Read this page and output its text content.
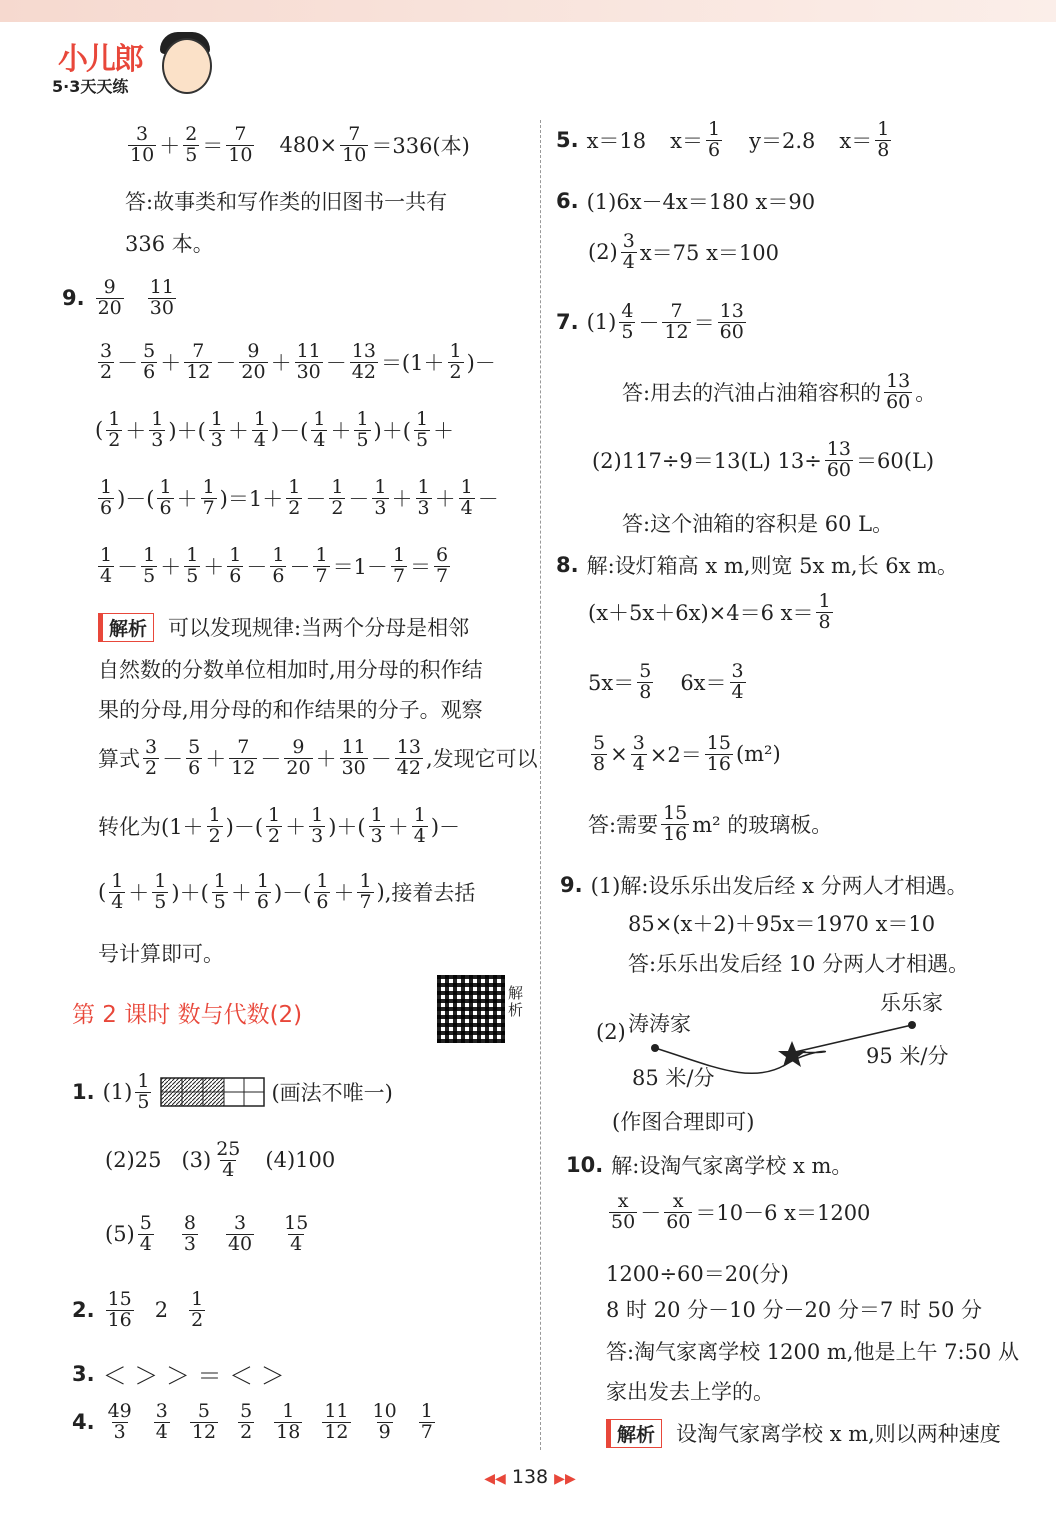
小儿郎
5·3天天练
$\frac{3}{10} + \frac{2}{5} = \frac{7}{10} 480\times \frac{7}{10} =336$(本)
答:故事类和写作类的旧图书一共有
336 本。
9. $\frac{9}{20} \frac{11}{30}$
$\frac{3}{2} - \frac{5}{6} + \frac{7}{12} - \frac{9}{20} + \frac{11}{30} - \frac{13}{42} =(1+ \frac{1}{2}$ )－
( $\frac{1}{2} + \frac{1}{3}$ )＋( $\frac{1}{3} + \frac{1}{4}$ )－( $\frac{1}{4} + \frac{1}{5}$ )＋( $\frac{1}{5}$ ＋
$\frac{1}{6}$ )－( $\frac{1}{6} + \frac{1}{7} )=1+ \frac{1}{2} - \frac{1}{2} - \frac{1}{3} + \frac{1}{3} + \frac{1}{4}$ －
$\frac{1}{4} - \frac{1}{5} + \frac{1}{5} + \frac{1}{6} - \frac{1}{6} - \frac{1}{7} =1- \frac{1}{7} = \frac{6}{7}$
解析	可以发现规律:当两个分母是相邻
自然数的分数单位相加时,用分母的积作结
果的分母,用分母的和作结果的分子。观察
算式 $\frac{3}{2} - \frac{5}{6} + \frac{7}{12} - \frac{9}{20} + \frac{11}{30} - \frac{13}{42}$ ,发现它可以
转化为 ($1+ \frac{1}{2}$ )－( $\frac{1}{2} + \frac{1}{3}$ )＋( $\frac{1}{3} + \frac{1}{4}$ )－
( $\frac{1}{4} + \frac{1}{5}$ )＋( $\frac{1}{5} + \frac{1}{6}$ )－( $\frac{1}{6} + \frac{1}{7}$ ) ,接着去括
号计算即可。
第 2 课时 数与代数(2)
解析
1. $(1) \frac{1}{5}$	(画法不唯一)
(2)25 $(3) \frac{25}{4} (4)100$
$(5) \frac{5}{4} \frac{8}{3} \frac{3}{40} \frac{15}{4}$
2. $\frac{15}{16} 2 \frac{1}{2}$
3. ＜ ＞ ＞ ＝ ＜ ＞
4. $\frac{49}{3} \frac{3}{4} \frac{5}{12} \frac{5}{2} \frac{1}{18} \frac{11}{12} \frac{10}{9} \frac{1}{7}$
5. x＝18 $x= \frac{1}{6} y=2.8$ $x= \frac{1}{8}$
6. (1)6x－4x＝180 x＝90
$(2) \frac{3}{4} x=75$ x＝100
7. $(1) \frac{4}{5} - \frac{7}{12} = \frac{13}{60}$
答:用去的汽油占油箱容积的 $\frac{13}{60}$ 。
(2)117÷9＝13(L) $13\div \frac{13}{60} =60(L)$
答:这个油箱的容积是 60 L。
8. 解:设灯箱高 x m,则宽 5x m,长 6x m。
(x＋5x＋6x)×4＝6 $x= \frac{1}{8}$
$5x= \frac{5}{8} 6x= \frac{3}{4}$
$\frac{5}{8} \times \frac{3}{4} \times 2= \frac{15}{16} (m^2)$
答:需要 $\frac{15}{16} m^2$ 的玻璃板。
9. (1)解:设乐乐出发后经 x 分两人才相遇。
85×(x＋2)＋95x＝1970 x＝10
答:乐乐出发后经 10 分两人才相遇。
(2) 涛涛家
乐乐家
85 米/分
95 米/分
(作图合理即可)
10. 解:设淘气家离学校 x m。
$\frac{x}{50} - \frac{x}{60} =10-6$ x＝1200
1200÷60＝20(分)
8 时 20 分－10 分－20 分＝7 时 50 分
答:淘气家离学校 1200 m,他是上午 7:50 从
家出发去上学的。
解析	设淘气家离学校 x m,则以两种速度
◀◀ 138 ▶▶
